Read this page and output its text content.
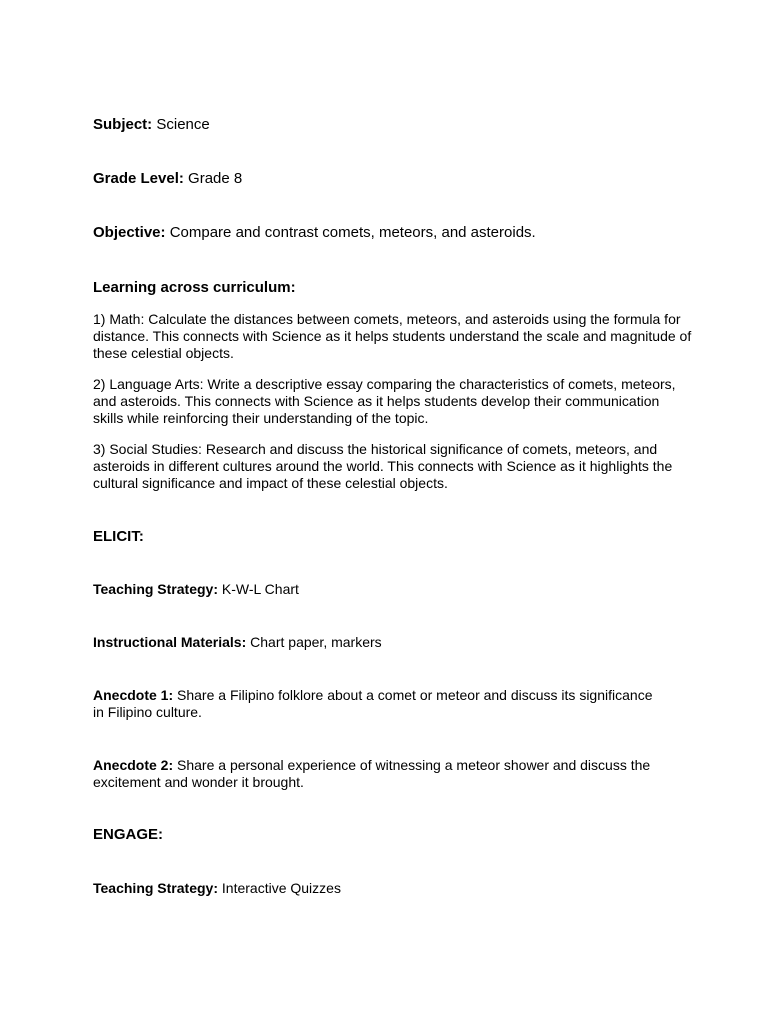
Subject: Science

Grade Level: Grade 8

Objective: Compare and contrast comets, meteors, and asteroids.

Learning across curriculum:

1) Math: Calculate the distances between comets, meteors, and asteroids using the formula for distance. This connects with Science as it helps students understand the scale and magnitude of these celestial objects.

2) Language Arts: Write a descriptive essay comparing the characteristics of comets, meteors, and asteroids. This connects with Science as it helps students develop their communication skills while reinforcing their understanding of the topic.

3) Social Studies: Research and discuss the historical significance of comets, meteors, and asteroids in different cultures around the world. This connects with Science as it highlights the cultural significance and impact of these celestial objects.

ELICIT:

Teaching Strategy: K-W-L Chart

Instructional Materials: Chart paper, markers

Anecdote 1: Share a Filipino folklore about a comet or meteor and discuss its significance in Filipino culture.

Anecdote 2: Share a personal experience of witnessing a meteor shower and discuss the excitement and wonder it brought.

ENGAGE:

Teaching Strategy: Interactive Quizzes
